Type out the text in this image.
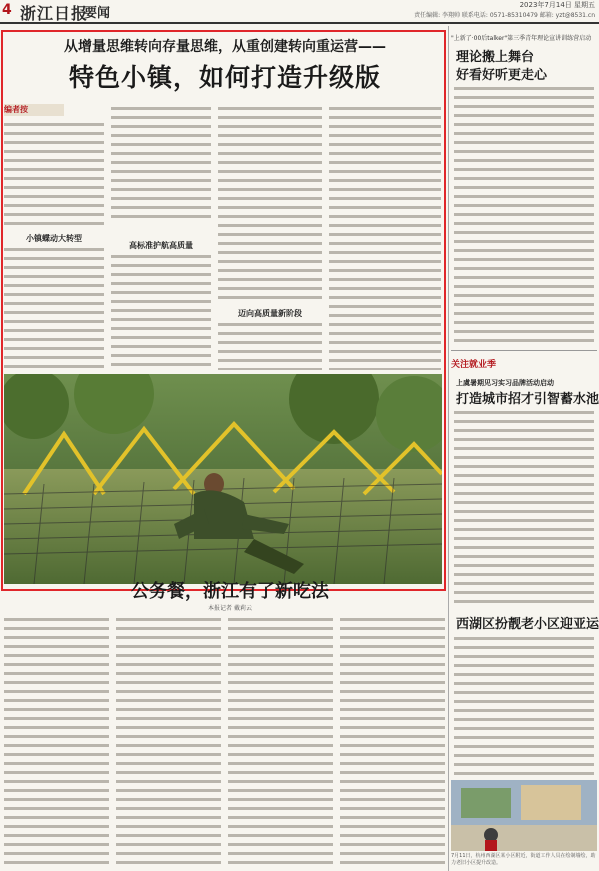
4 浙江日报
要闻
2023年7月14日 星期五
责任编辑: 李翔帅 联系电话: 0571-85310479 邮箱: yzt@8531.cn
从增量思维转向存量思维，从重创建转向重运营——
特色小镇，如何打造升级版
编者按
小镇蝶动大转型
高标准护航高质量
迈向高质量新阶段
公务餐，浙江有了新吃法
本报记者 戴莉云
"上新了·00后talker"第三季青年理论宣讲训练营启动
理论搬上舞台
好看好听更走心
关注就业季
上虞暑期见习实习品牌活动启动
打造城市招才引智蓄水池
西湖区扮靓老小区迎亚运
7月11日，杭州西湖区某小区附近，街道工作人员在绘制墙绘，助力老旧小区提升改造。
